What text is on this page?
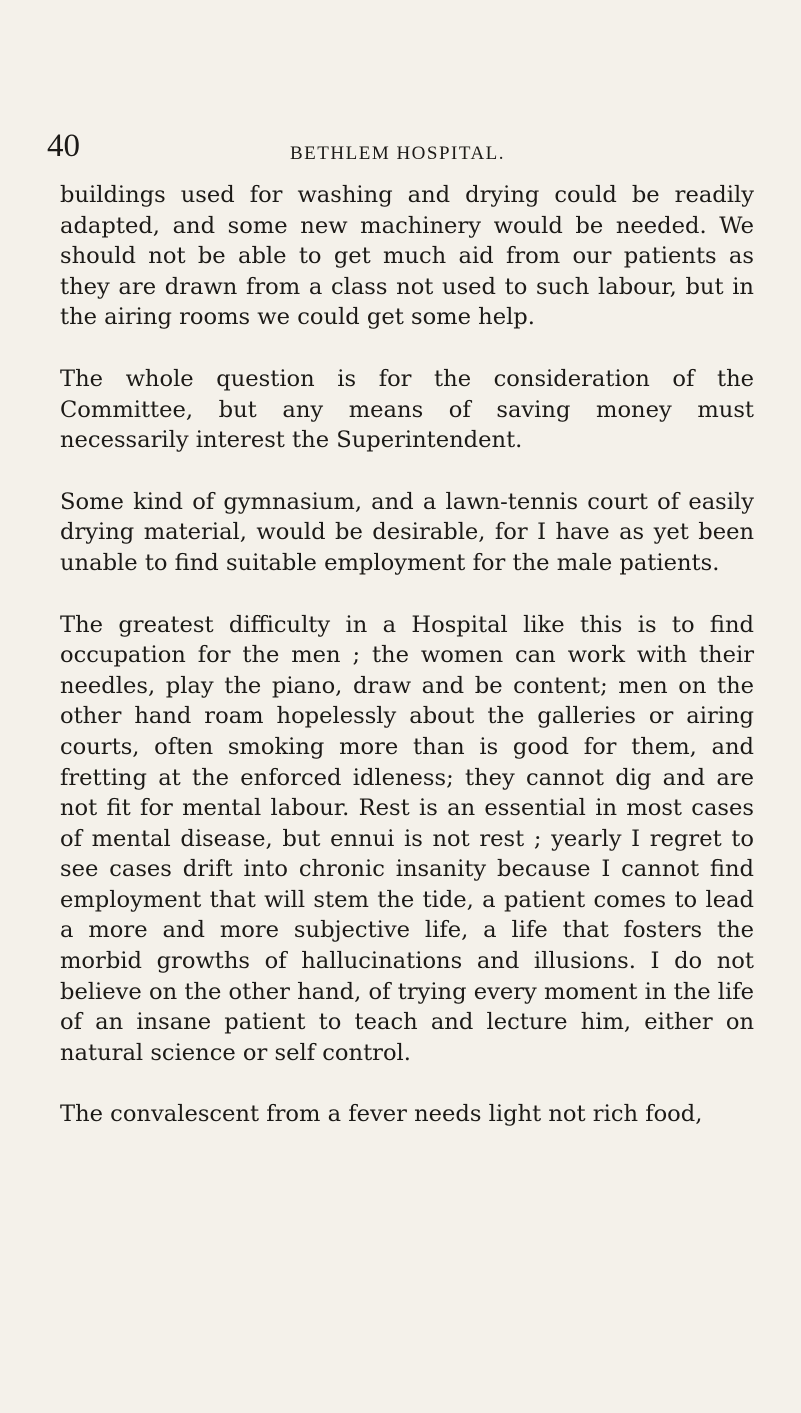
40	BETHLEM HOSPITAL.

buildings used for washing and drying could be readily adapted, and some new machinery would be needed. We should not be able to get much aid from our patients as they are drawn from a class not used to such labour, but in the airing rooms we could get some help.

The whole question is for the consideration of the Committee, but any means of saving money must necessarily interest the Superintendent.

Some kind of gymnasium, and a lawn-tennis court of easily drying material, would be desirable, for I have as yet been unable to find suitable employment for the male patients.

The greatest difficulty in a Hospital like this is to find occupation for the men ; the women can work with their needles, play the piano, draw and be content; men on the other hand roam hopelessly about the galleries or airing courts, often smoking more than is good for them, and fretting at the enforced idleness; they cannot dig and are not fit for mental labour. Rest is an essential in most cases of mental disease, but ennui is not rest ; yearly I regret to see cases drift into chronic insanity because I cannot find employment that will stem the tide, a patient comes to lead a more and more subjective life, a life that fosters the morbid growths of hallucinations and illusions. I do not believe on the other hand, of trying every moment in the life of an insane patient to teach and lecture him, either on natural science or self control.

The convalescent from a fever needs light not rich food,
